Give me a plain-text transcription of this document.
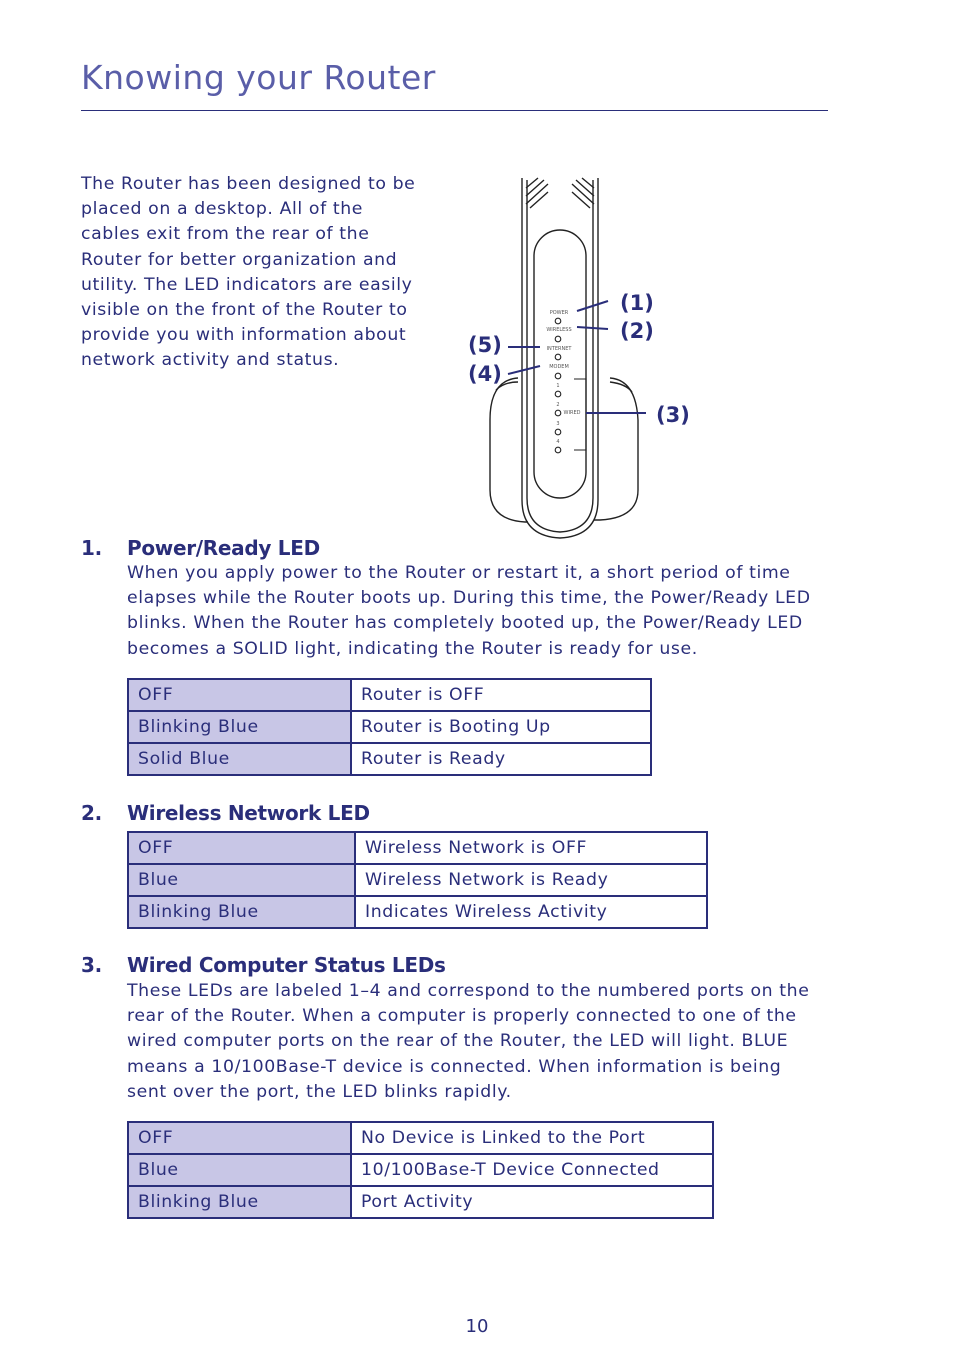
Knowing your Router

The Router has been designed to be placed on a desktop. All of the cables exit from the rear of the Router for better organization and utility. The LED indicators are easily visible on the front of the Router to provide you with information about network activity and status.

POWER
WIRELESS
INTERNET
MODEM
WIRED
1
2
3
4
(1)
(2)
(3)
(4)
(5)
1. Power/Ready LED

When you apply power to the Router or restart it, a short period of time elapses while the Router boots up. During this time, the Power/Ready LED blinks. When the Router has completely booted up, the Power/Ready LED becomes a SOLID light, indicating the Router is ready for use.

OFF	Router is OFF
Blinking Blue	Router is Booting Up
Solid Blue	Router is Ready
2. Wireless Network LED
OFF	Wireless Network is OFF
Blue	Wireless Network is Ready
Blinking Blue	Indicates Wireless Activity
3. Wired Computer Status LEDs

These LEDs are labeled 1–4 and correspond to the numbered ports on the rear of the Router. When a computer is properly connected to one of the wired computer ports on the rear of the Router, the LED will light. BLUE means a 10/100Base-T device is connected. When information is being sent over the port, the LED blinks rapidly.

OFF	No Device is Linked to the Port
Blue	10/100Base-T Device Connected
Blinking Blue	Port Activity
10
